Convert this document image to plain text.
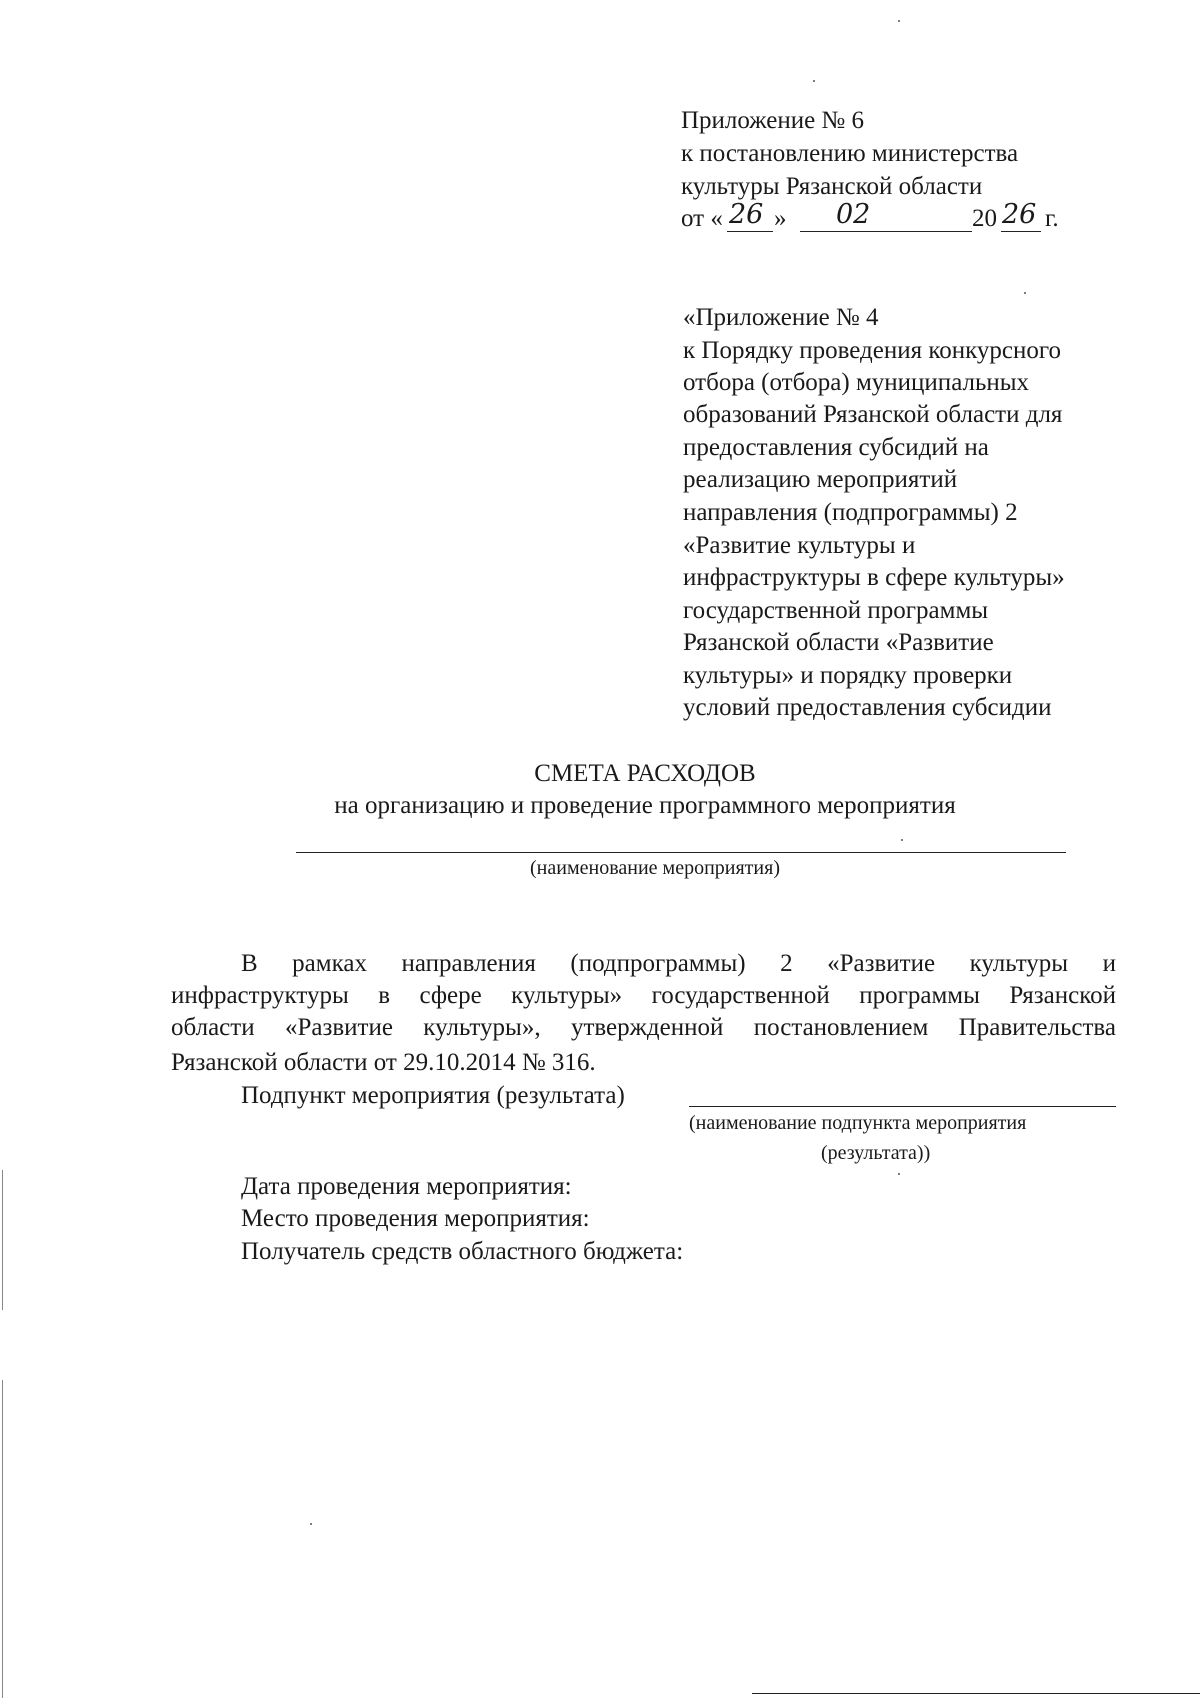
Приложение № 6
к постановлению министерства
культуры Рязанской области
от « 26 » 02	20 26 г.
«Приложение № 4
к Порядку проведения конкурсного
отбора (отбора) муниципальных
образований Рязанской области для
предоставления субсидий на
реализацию мероприятий
направления (подпрограммы) 2
«Развитие культуры и
инфраструктуры в сфере культуры»
государственной программы
Рязанской области «Развитие
культуры» и порядку проверки
условий предоставления субсидии
СМЕТА РАСХОДОВ
на организацию и проведение программного мероприятия
(наименование мероприятия)
В рамках направления (подпрограммы) 2 «Развитие культуры и
инфраструктуры в сфере культуры» государственной программы Рязанской
области «Развитие культуры», утвержденной постановлением Правительства
Рязанской области от 29.10.2014 № 316.
Подпункт мероприятия (результата)
(наименование подпункта мероприятия
(результата))
Дата проведения мероприятия:
Место проведения мероприятия:
Получатель средств областного бюджета:
